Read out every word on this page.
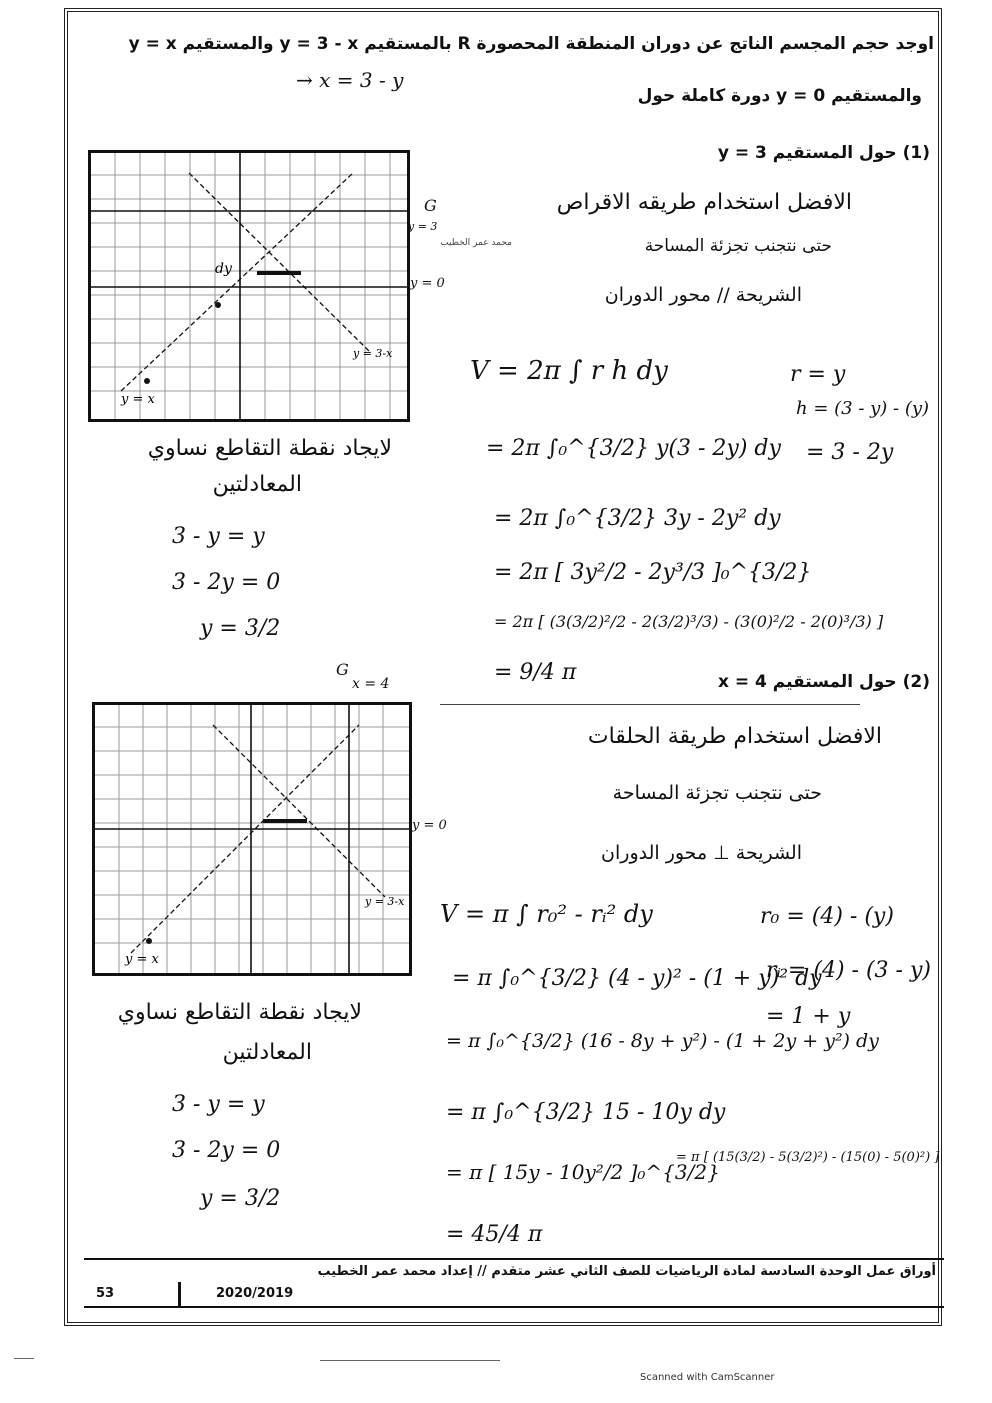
اوجد حجم المجسم الناتج عن دوران المنطقة المحصورة R بالمستقيم y = 3 - x والمستقيم y = x
→ x = 3 - y
والمستقيم y = 0 دورة كاملة حول
(1) حول المستقيم y = 3
dy
y = x
y = 3-x
G
y = 3
y = 0
الافضل استخدام طريقه الاقراص
حتى نتجنب تجزئة المساحة
الشريحة // محور الدوران
V = 2π ∫ r h dy	r = y
h = (3 - y) - (y)
= 3 - 2y
= 2π ∫₀^{3/2} y(3 - 2y) dy
= 2π ∫₀^{3/2} 3y - 2y² dy
= 2π [ 3y²/2 - 2y³/3 ]₀^{3/2}
= 2π [ (3(3/2)²/2 - 2(3/2)³/3) - (3(0)²/2 - 2(0)³/3) ]
= 9/4 π
لايجاد نقطة التقاطع نساوي
المعادلتين
3 - y = y
3 - 2y = 0
y = 3/2
(2) حول المستقيم x = 4
G
x = 4
y = x
y = 3-x
y = 0
الافضل استخدام طريقة الحلقات
حتى نتجنب تجزئة المساحة
الشريحة ⊥ محور الدوران
V = π ∫ r₀² - rᵢ² dy	r₀ = (4) - (y)
rᵢ = (4) - (3 - y)
= 1 + y
= π ∫₀^{3/2} (4 - y)² - (1 + y)² dy
= π ∫₀^{3/2} (16 - 8y + y²) - (1 + 2y + y²) dy
= π ∫₀^{3/2} 15 - 10y dy
= π [ 15y - 10y²/2 ]₀^{3/2}
= π [ (15(3/2) - 5(3/2)²) - (15(0) - 5(0)²) ]
= 45/4 π
لايجاد نقطة التقاطع نساوي
المعادلتين
3 - y = y
3 - 2y = 0
y = 3/2
محمد عمر الخطيب
أوراق عمل الوحدة السادسة لمادة الرياضيات للصف الثاني عشر متقدم // إعداد محمد عمر الخطيب
2020/2019
53
Scanned with CamScanner
